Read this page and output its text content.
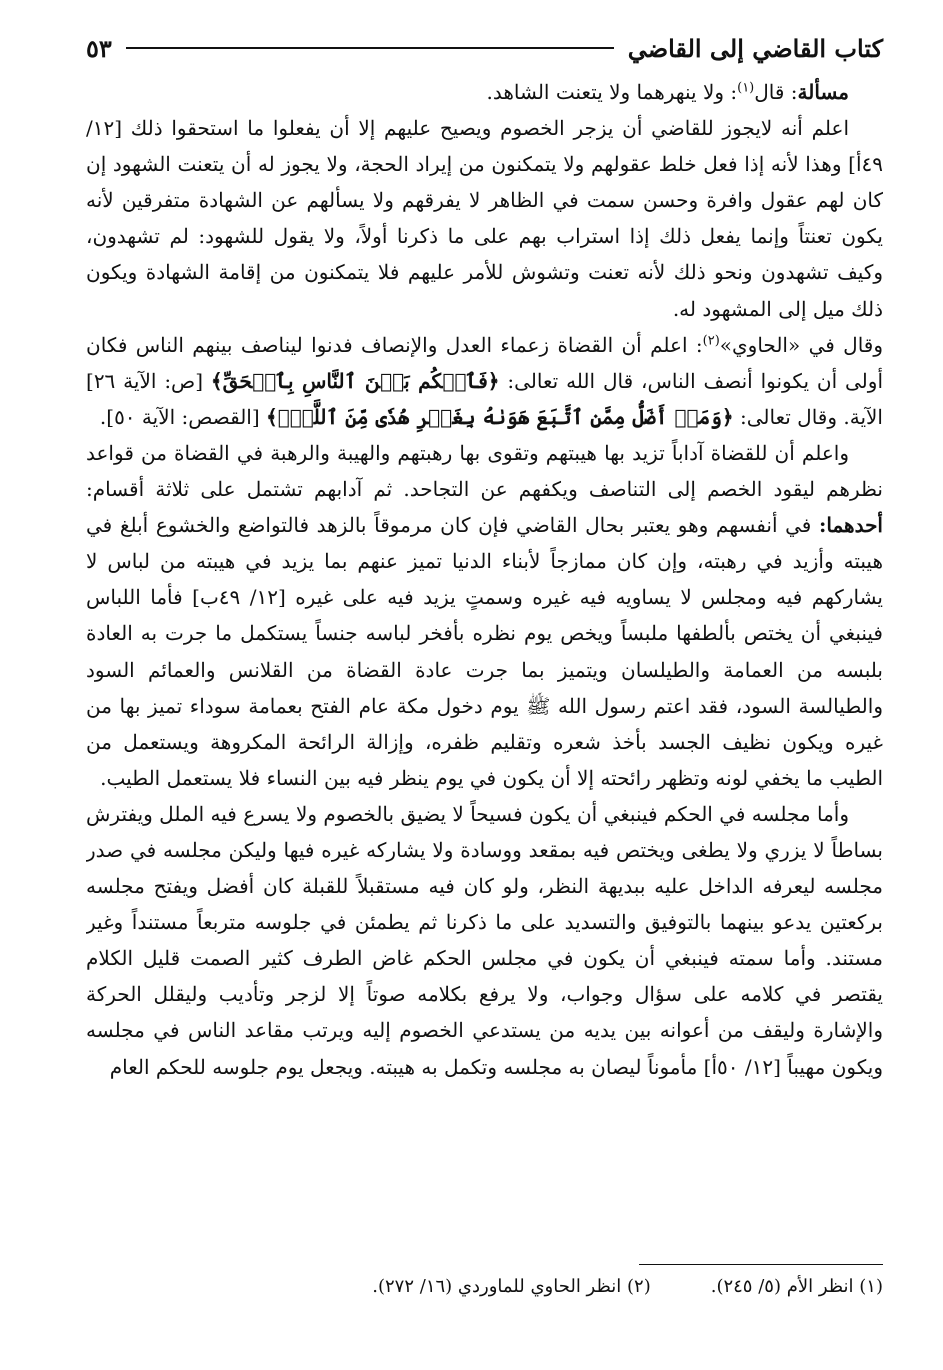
كتاب القاضي إلى القاضي
٥٣

مسألة: قال$^{(١)}$: ولا ينهرهما ولا يتعنت الشاهد.

اعلم أنه لايجوز للقاضي أن يزجر الخصوم ويصيح عليهم إلا أن يفعلوا ما استحقوا ذلك [١٢/ ٤٩أ] وهذا لأنه إذا فعل خلط عقولهم ولا يتمكنون من إيراد الحجة، ولا يجوز له أن يتعنت الشهود إن كان لهم عقول وافرة وحسن سمت في الظاهر لا يفرقهم ولا يسألهم عن الشهادة متفرقين لأنه يكون تعنتاً وإنما يفعل ذلك إذا استراب بهم على ما ذكرنا أولاً، ولا يقول للشهود: لم تشهدون، وكيف تشهدون ونحو ذلك لأنه تعنت وتشوش للأمر عليهم فلا يتمكنون من إقامة الشهادة ويكون ذلك ميل إلى المشهود له.

وقال في «الحاوي»$^{(٢)}$: اعلم أن القضاة زعماء العدل والإنصاف فدنوا ليناصف بينهم الناس فكان أولى أن يكونوا أنصف الناس، قال الله تعالى: ﴿فَٱحۡكُم بَيۡنَ ٱلنَّاسِ بِٱلۡحَقِّ﴾ [ص: الآية ٢٦] الآية. وقال تعالى: ﴿وَمَنۡ أَضَلُّ مِمَّنِ ٱتَّبَعَ هَوَىٰهُ بِغَيۡرِ هُدٗى مِّنَ ٱللَّهِۚ﴾ [القصص: الآية ٥٠].

واعلم أن للقضاة آداباً تزيد بها هيبتهم وتقوى بها رهبتهم والهيبة والرهبة في القضاة من قواعد نظرهم ليقود الخصم إلى التناصف ويكفهم عن التجاحد. ثم آدابهم تشتمل على ثلاثة أقسام: أحدهما: في أنفسهم وهو يعتبر بحال القاضي فإن كان مرموقاً بالزهد فالتواضع والخشوع أبلغ في هيبته وأزيد في رهبته، وإن كان ممازجاً لأبناء الدنيا تميز عنهم بما يزيد في هيبته من لباس لا يشاركهم فيه ومجلس لا يساويه فيه غيره وسمتٍ يزيد فيه على غيره [١٢/ ٤٩ب] فأما اللباس فينبغي أن يختص بألطفها ملبساً ويخص يوم نظره بأفخر لباسه جنساً يستكمل ما جرت به العادة بلبسه من العمامة والطيلسان ويتميز بما جرت عادة القضاة من القلانس والعمائم السود والطيالسة السود، فقد اعتم رسول الله ﷺ يوم دخول مكة عام الفتح بعمامة سوداء تميز بها من غيره ويكون نظيف الجسد بأخذ شعره وتقليم ظفره، وإزالة الرائحة المكروهة ويستعمل من الطيب ما يخفي لونه وتظهر رائحته إلا أن يكون في يوم ينظر فيه بين النساء فلا يستعمل الطيب.

وأما مجلسه في الحكم فينبغي أن يكون فسيحاً لا يضيق بالخصوم ولا يسرع فيه الملل ويفترش بساطاً لا يزري ولا يطغى ويختص فيه بمقعد ووسادة ولا يشاركه غيره فيها وليكن مجلسه في صدر مجلسه ليعرفه الداخل عليه ببديهة النظر، ولو كان فيه مستقبلاً للقبلة كان أفضل ويفتح مجلسه بركعتين يدعو بينهما بالتوفيق والتسديد على ما ذكرنا ثم يطمئن في جلوسه متربعاً مستنداً وغير مستند. وأما سمته فينبغي أن يكون في مجلس الحكم غاض الطرف كثير الصمت قليل الكلام يقتصر في كلامه على سؤال وجواب، ولا يرفع بكلامه صوتاً إلا لزجر وتأديب وليقلل الحركة والإشارة وليقف من أعوانه بين يديه من يستدعي الخصوم إليه ويرتب مقاعد الناس في مجلسه ويكون مهيباً [١٢/ ٥٠أ] مأموناً ليصان به مجلسه وتكمل به هيبته. ويجعل يوم جلوسه للحكم العام

(١) انظر الأم (٥/ ٢٤٥).
(٢) انظر الحاوي للماوردي (١٦/ ٢٧٢).
